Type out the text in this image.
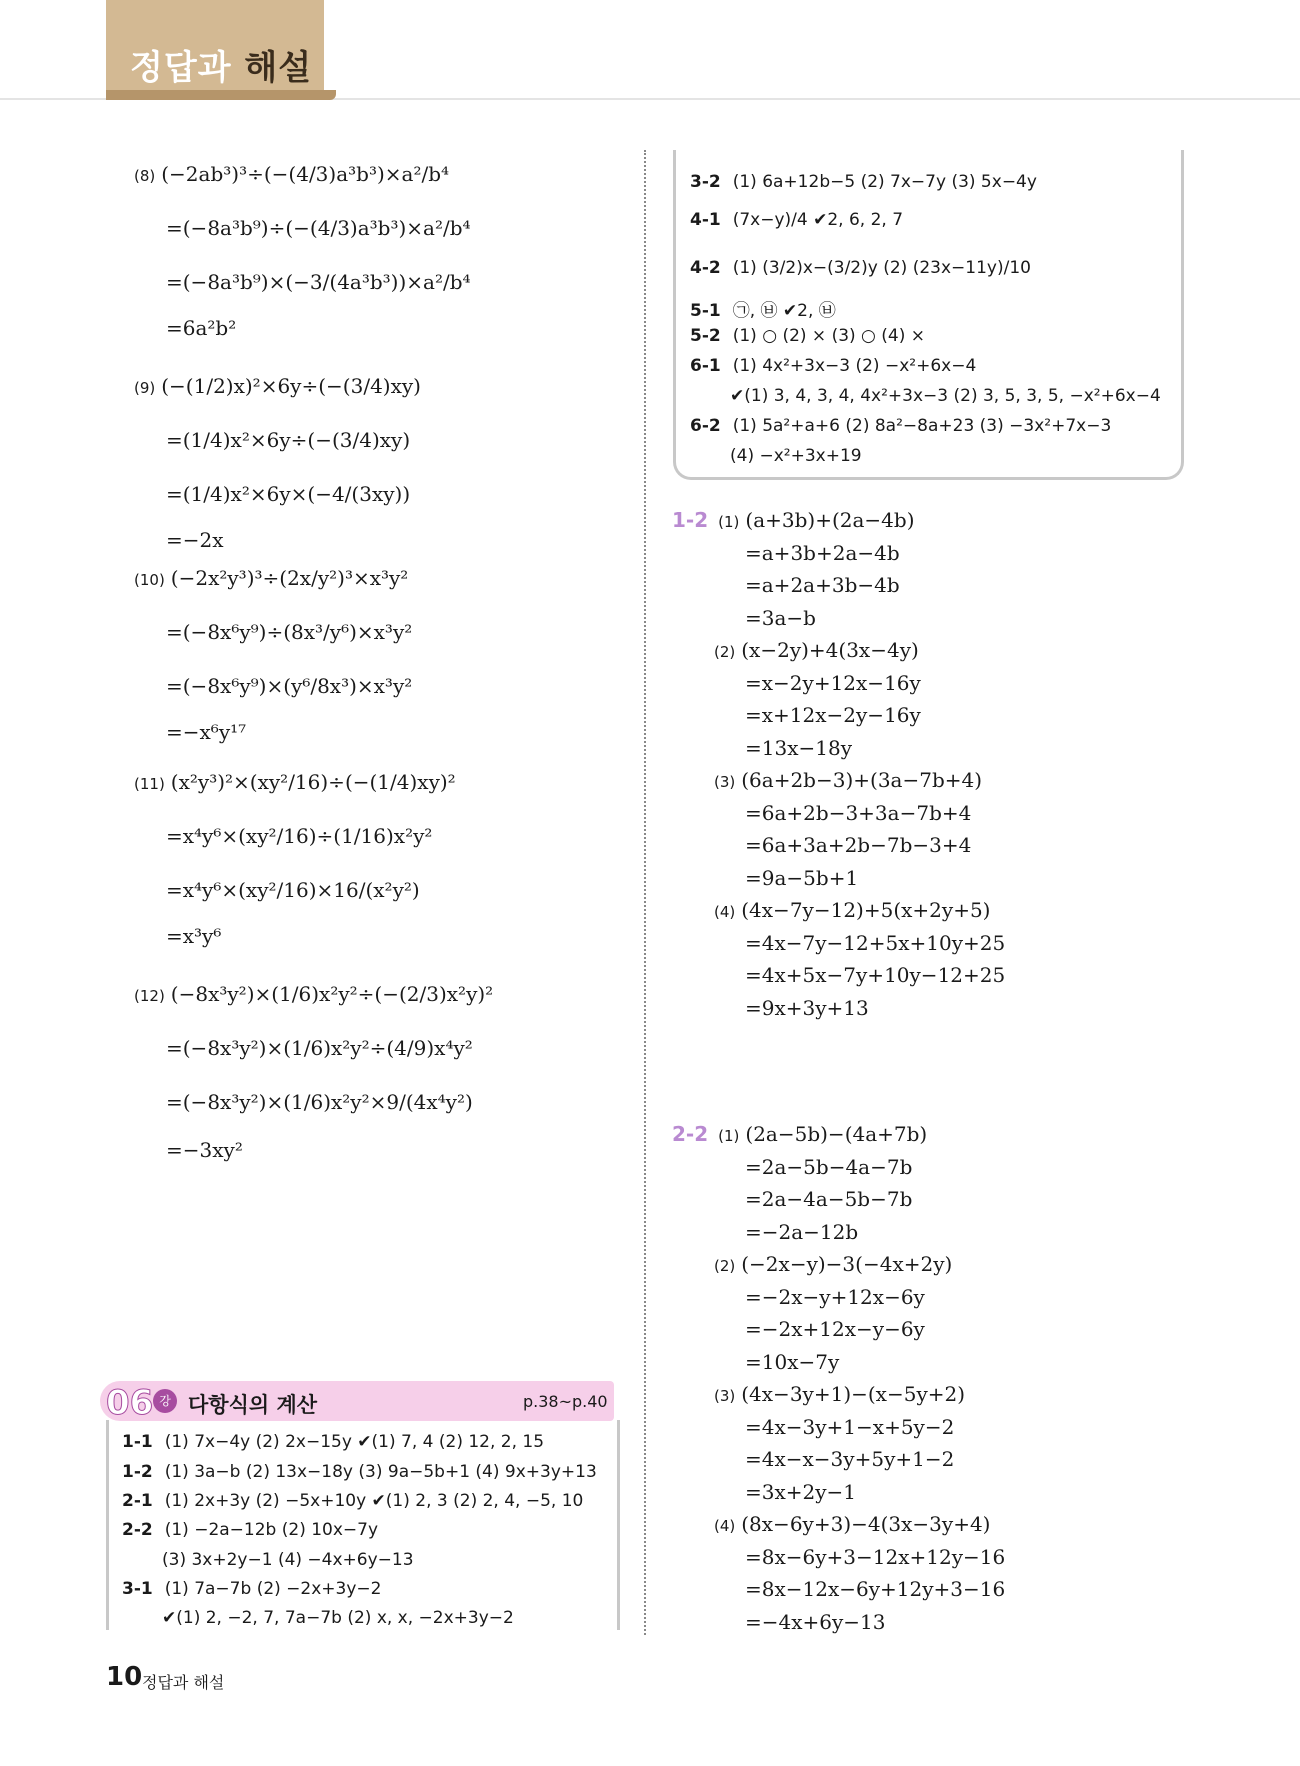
정답과 해설
(8) (−2ab³)³÷(−(4/3)a³b³)×a²/b⁴
=(−8a³b⁹)÷(−(4/3)a³b³)×a²/b⁴
=(−8a³b⁹)×(−3/(4a³b³))×a²/b⁴
=6a²b²
(9) (−(1/2)x)²×6y÷(−(3/4)xy)
=(1/4)x²×6y÷(−(3/4)xy)
=(1/4)x²×6y×(−4/(3xy))
=−2x
(10) (−2x²y³)³÷(2x/y²)³×x³y²
=(−8x⁶y⁹)÷(8x³/y⁶)×x³y²
=(−8x⁶y⁹)×(y⁶/8x³)×x³y²
=−x⁶y¹⁷
(11) (x²y³)²×(xy²/16)÷(−(1/4)xy)²
=x⁴y⁶×(xy²/16)÷(1/16)x²y²
=x⁴y⁶×(xy²/16)×16/(x²y²)
=x³y⁶
(12) (−8x³y²)×(1/6)x²y²÷(−(2/3)x²y)²
=(−8x³y²)×(1/6)x²y²÷(4/9)x⁴y²
=(−8x³y²)×(1/6)x²y²×9/(4x⁴y²)
=−3xy²
3-2 (1) 6a+12b−5 (2) 7x−7y (3) 5x−4y
4-1 (7x−y)/4 ✔2, 6, 2, 7
4-2 (1) (3/2)x−(3/2)y (2) (23x−11y)/10
5-1 ㉠, ㉥ ✔2, ㉥
5-2 (1) ○ (2) × (3) ○ (4) ×
6-1 (1) 4x²+3x−3 (2) −x²+6x−4
✔(1) 3, 4, 3, 4, 4x²+3x−3 (2) 3, 5, 3, 5, −x²+6x−4
6-2 (1) 5a²+a+6 (2) 8a²−8a+23 (3) −3x²+7x−3
(4) −x²+3x+19
1-2 (1) (a+3b)+(2a−4b)
=a+3b+2a−4b
=a+2a+3b−4b
=3a−b
(2) (x−2y)+4(3x−4y)
=x−2y+12x−16y
=x+12x−2y−16y
=13x−18y
(3) (6a+2b−3)+(3a−7b+4)
=6a+2b−3+3a−7b+4
=6a+3a+2b−7b−3+4
=9a−5b+1
(4) (4x−7y−12)+5(x+2y+5)
=4x−7y−12+5x+10y+25
=4x+5x−7y+10y−12+25
=9x+3y+13
2-2 (1) (2a−5b)−(4a+7b)
=2a−5b−4a−7b
=2a−4a−5b−7b
=−2a−12b
(2) (−2x−y)−3(−4x+2y)
=−2x−y+12x−6y
=−2x+12x−y−6y
=10x−7y
(3) (4x−3y+1)−(x−5y+2)
=4x−3y+1−x+5y−2
=4x−x−3y+5y+1−2
=3x+2y−1
(4) (8x−6y+3)−4(3x−3y+4)
=8x−6y+3−12x+12y−16
=8x−12x−6y+12y+3−16
=−4x+6y−13
06 강 다항식의 계산	p.38~p.40
1-1 (1) 7x−4y (2) 2x−15y ✔(1) 7, 4 (2) 12, 2, 15
1-2 (1) 3a−b (2) 13x−18y (3) 9a−5b+1 (4) 9x+3y+13
2-1 (1) 2x+3y (2) −5x+10y ✔(1) 2, 3 (2) 2, 4, −5, 10
2-2 (1) −2a−12b (2) 10x−7y
(3) 3x+2y−1 (4) −4x+6y−13
3-1 (1) 7a−7b (2) −2x+3y−2
✔(1) 2, −2, 7, 7a−7b (2) x, x, −2x+3y−2
10 정답과 해설
